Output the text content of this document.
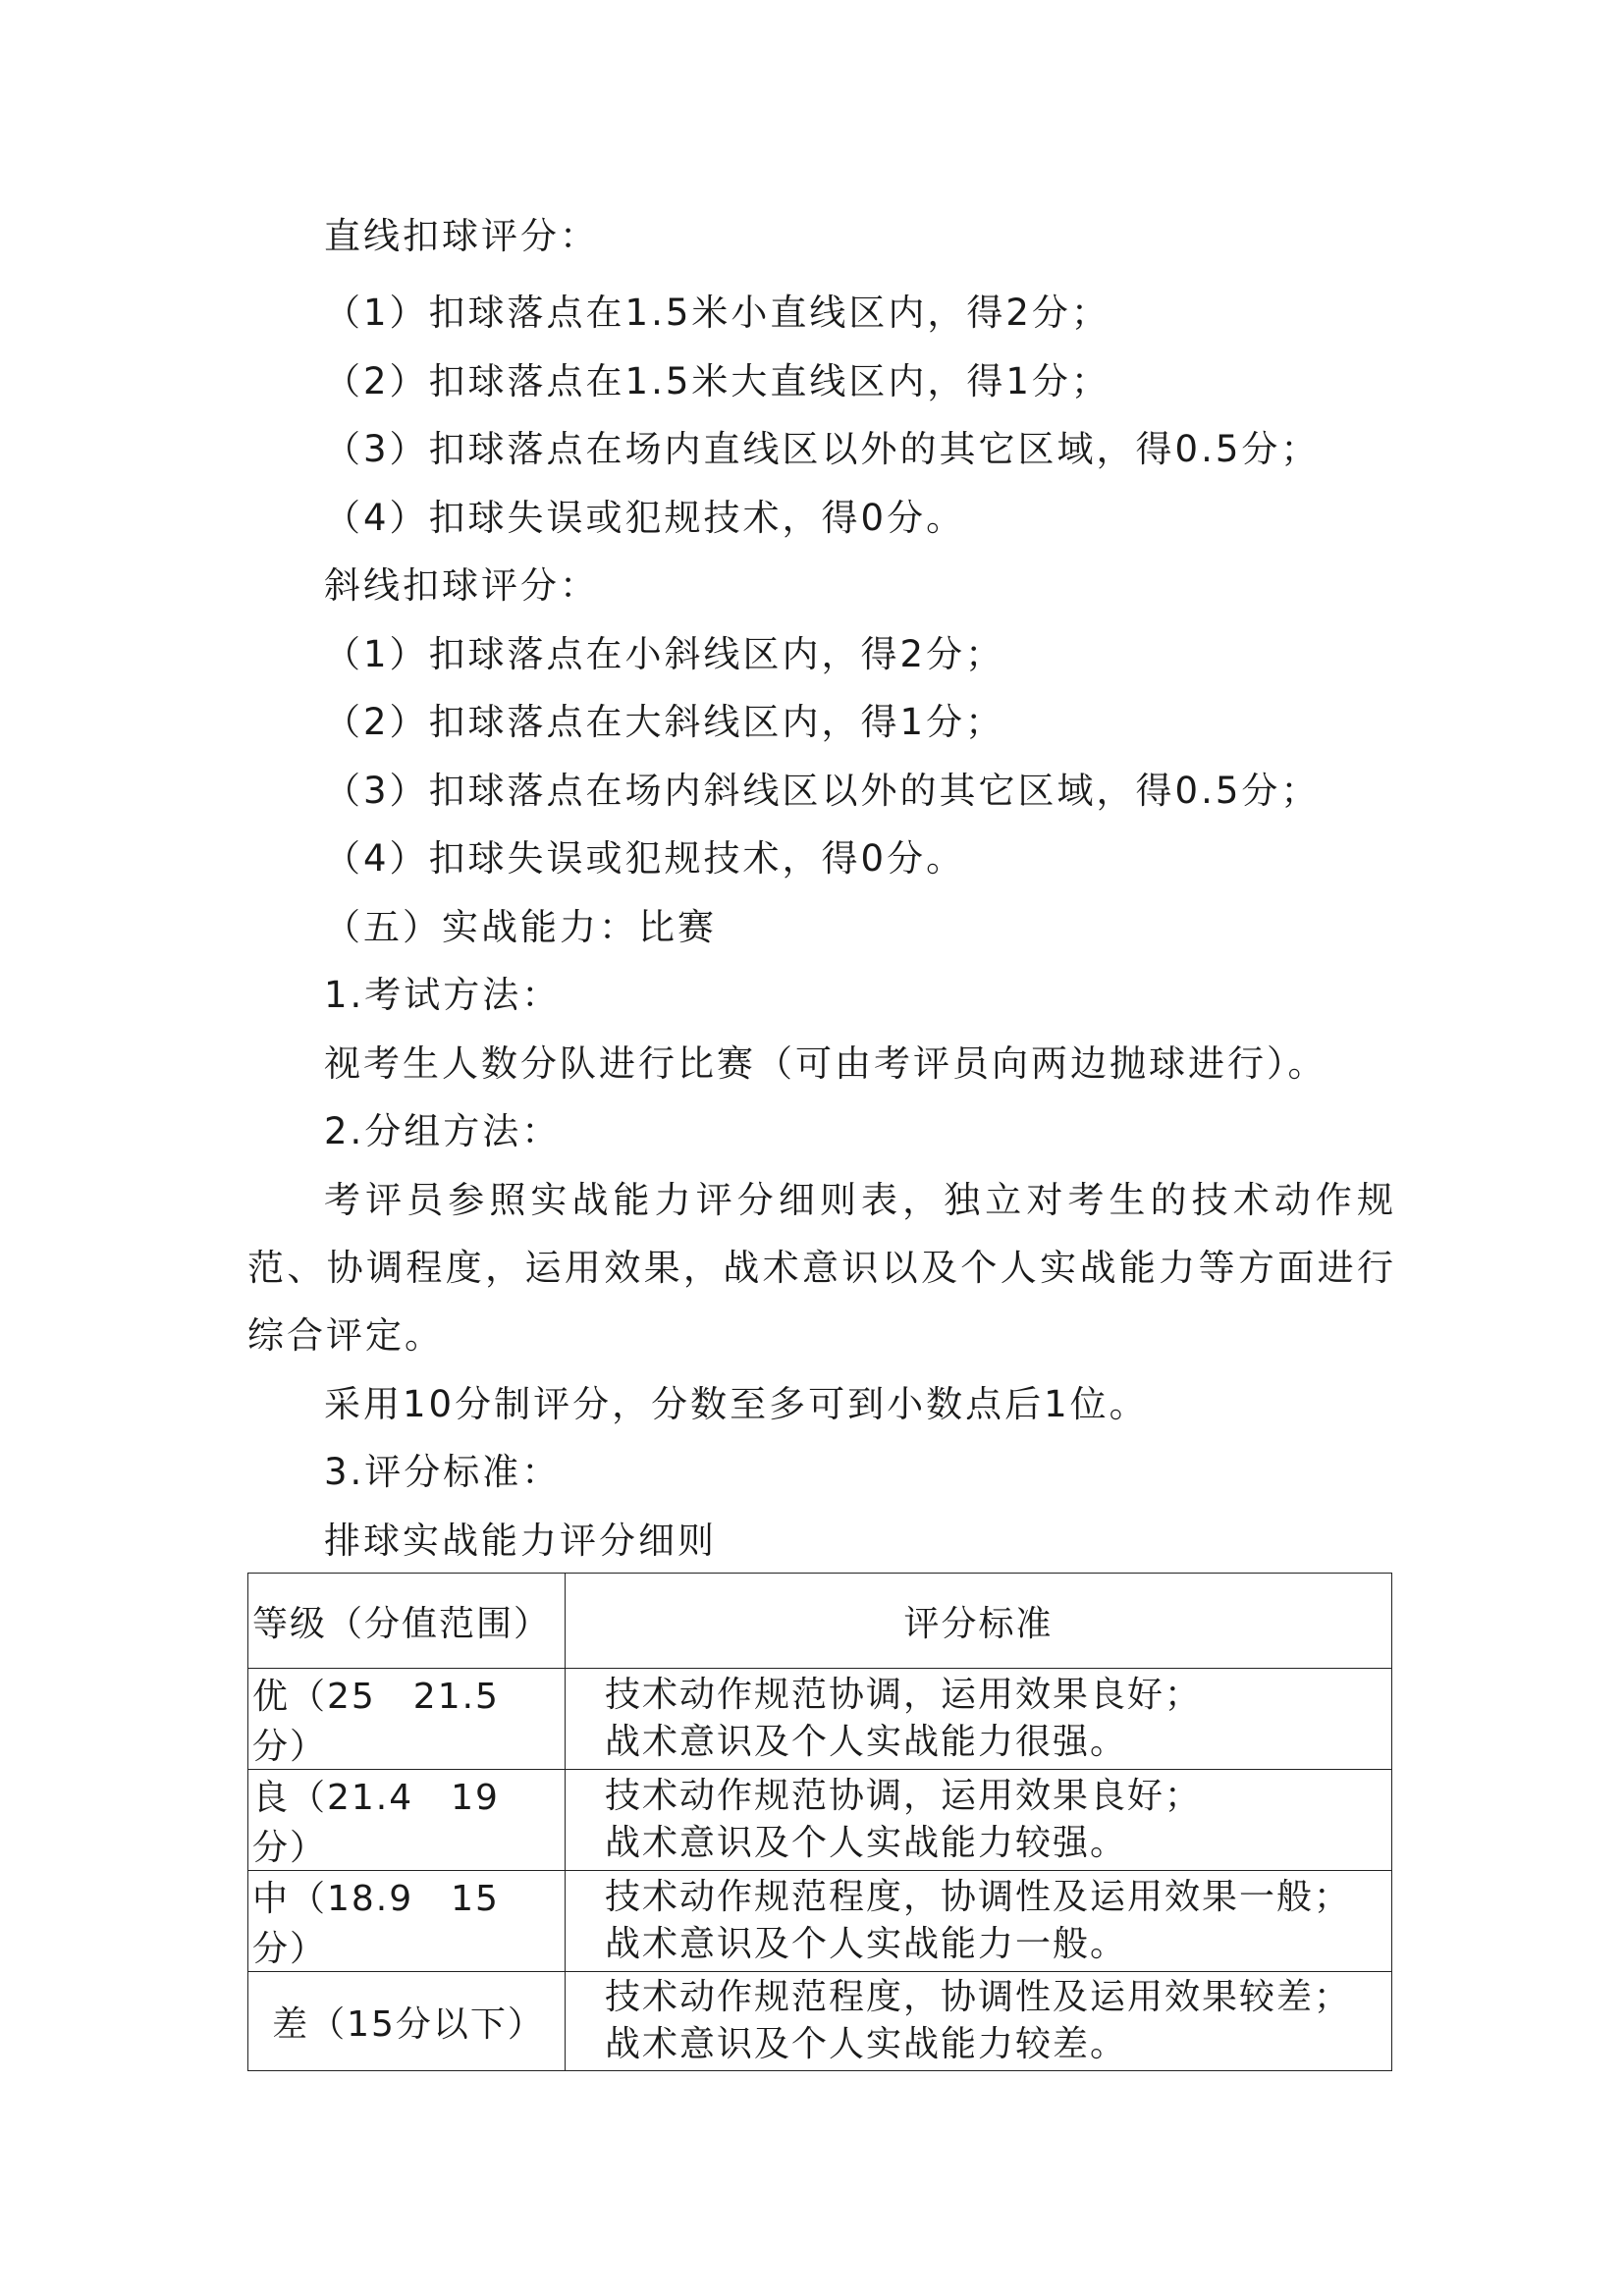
直线扣球评分：
（1）扣球落点在1.5米小直线区内，得2分；
（2）扣球落点在1.5米大直线区内，得1分；
（3）扣球落点在场内直线区以外的其它区域，得0.5分；
（4）扣球失误或犯规技术，得0分。
斜线扣球评分：
（1）扣球落点在小斜线区内，得2分；
（2）扣球落点在大斜线区内，得1分；
（3）扣球落点在场内斜线区以外的其它区域，得0.5分；
（4）扣球失误或犯规技术，得0分。
（五）实战能力：比赛
1.考试方法：
视考生人数分队进行比赛（可由考评员向两边抛球进行）。
2.分组方法：
考评员参照实战能力评分细则表，独立对考生的技术动作规范、协调程度，运用效果，战术意识以及个人实战能力等方面进行综合评定。
采用10分制评分，分数至多可到小数点后1位。
3.评分标准：
排球实战能力评分细则
等级（分值范围）	评分标准
优（25　21.5 分）	技术动作规范协调，运用效果良好；
战术意识及个人实战能力很强。

良（21.4　19 分）	技术动作规范协调，运用效果良好；
战术意识及个人实战能力较强。

中（18.9　15 分）	技术动作规范程度，协调性及运用效果一般；
战术意识及个人实战能力一般。

差（15分以下）	技术动作规范程度，协调性及运用效果较差；
战术意识及个人实战能力较差。
